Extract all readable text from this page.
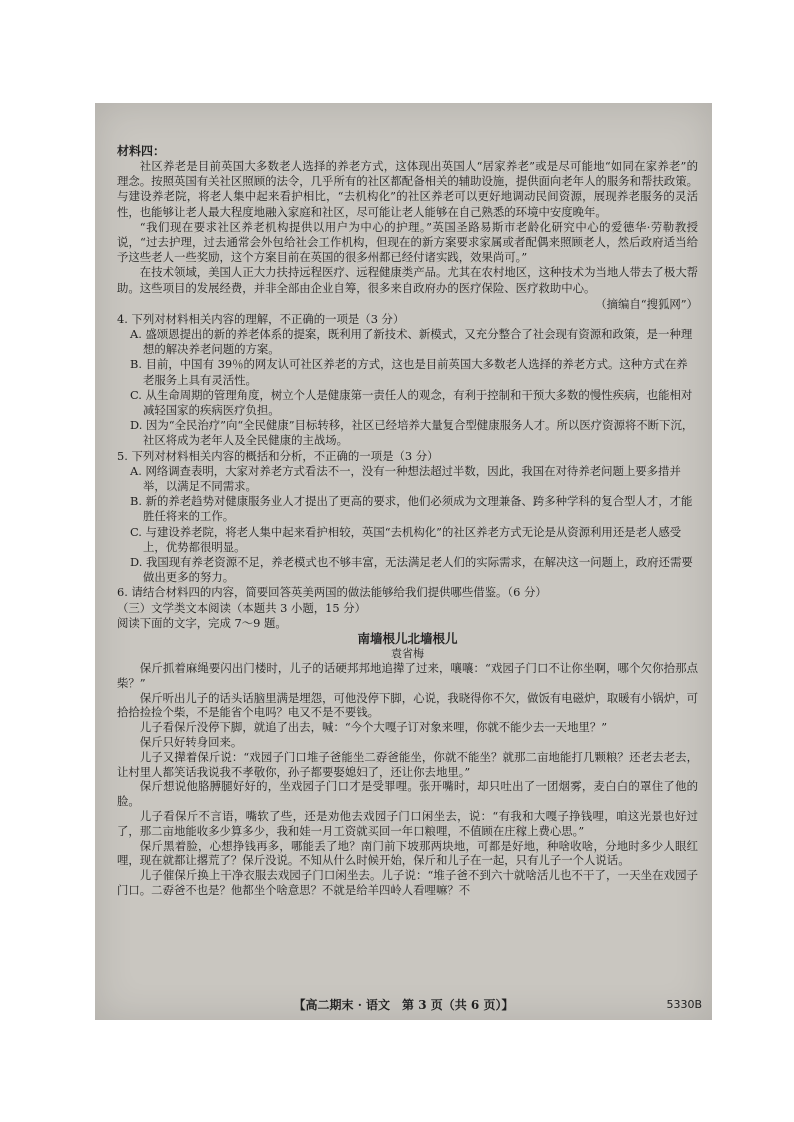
材料四：

社区养老是目前英国大多数老人选择的养老方式，这体现出英国人“居家养老”或是尽可能地“如同在家养老”的理念。按照英国有关社区照顾的法令，几乎所有的社区都配备相关的辅助设施，提供面向老年人的服务和帮扶政策。与建设养老院，将老人集中起来看护相比，“去机构化”的社区养老可以更好地调动民间资源，展现养老服务的灵活性，也能够让老人最大程度地融入家庭和社区，尽可能让老人能够在自己熟悉的环境中安度晚年。

“我们现在要求社区养老机构提供以用户为中心的护理。”英国圣路易斯市老龄化研究中心的爱德华·劳勒教授说，“过去护理，过去通常会外包给社会工作机构，但现在的新方案要求家属或者配偶来照顾老人，然后政府适当给予这些老人一些奖励，这个方案目前在英国的很多州都已经付诸实践，效果尚可。”

在技术领域，美国人正大力扶持远程医疗、远程健康类产品。尤其在农村地区，这种技术为当地人带去了极大帮助。这些项目的发展经费，并非全部由企业自筹，很多来自政府办的医疗保险、医疗救助中心。

（摘编自“搜狐网”）
4. 下列对材料相关内容的理解，不正确的一项是（3 分）
A. 盛颂恩提出的新的养老体系的提案，既利用了新技术、新模式，又充分整合了社会现有资源和政策，是一种理想的解决养老问题的方案。
B. 目前，中国有 39％的网友认可社区养老的方式，这也是目前英国大多数老人选择的养老方式。这种方式在养老服务上具有灵活性。
C. 从生命周期的管理角度，树立个人是健康第一责任人的观念，有利于控制和干预大多数的慢性疾病，也能相对减轻国家的疾病医疗负担。
D. 因为“全民治疗”向“全民健康”目标转移，社区已经培养大量复合型健康服务人才。所以医疗资源将不断下沉，社区将成为老年人及全民健康的主战场。
5. 下列对材料相关内容的概括和分析，不正确的一项是（3 分）
A. 网络调查表明，大家对养老方式看法不一，没有一种想法超过半数，因此，我国在对待养老问题上要多措并举，以满足不同需求。
B. 新的养老趋势对健康服务业人才提出了更高的要求，他们必须成为文理兼备、跨多种学科的复合型人才，才能胜任将来的工作。
C. 与建设养老院，将老人集中起来看护相较，英国“去机构化”的社区养老方式无论是从资源利用还是老人感受上，优势都很明显。
D. 我国现有养老资源不足，养老模式也不够丰富，无法满足老人们的实际需求，在解决这一问题上，政府还需要做出更多的努力。
6. 请结合材料四的内容，简要回答英美两国的做法能够给我们提供哪些借鉴。（6 分）
（三）文学类文本阅读（本题共 3 小题，15 分）
阅读下面的文字，完成 7～9 题。
南墙根儿北墙根儿
袁省梅

保斤抓着麻绳要闪出门楼时，儿子的话硬邦邦地追撵了过来，嚷嚷：“戏园子门口不让你坐啊，哪个欠你拾那点柴？”

保斤听出儿子的话头话脑里满是埋怨，可他没停下脚，心说，我晓得你不欠，做饭有电磁炉，取暖有小锅炉，可拾拾捡捡个柴，不是能省个电吗？电又不是不要钱。

儿子看保斤没停下脚，就追了出去，喊：“今个大嘎子订对象来哩，你就不能少去一天地里？”

保斤只好转身回来。

儿子又撵着保斤说：“戏园子门口堆子爸能坐二孬爸能坐，你就不能坐？就那二亩地能打几颗粮？还老去老去，让村里人都笑话我说我不孝敬你，孙子都要娶媳妇了，还让你去地里。”

保斤想说他胳膊腿好好的，坐戏园子门口才是受罪哩。张开嘴时，却只吐出了一团烟雾，麦白白的罩住了他的脸。

儿子看保斤不言语，嘴软了些，还是劝他去戏园子门口闲坐去，说：“有我和大嘎子挣钱哩，咱这光景也好过了，那二亩地能收多少算多少，我和娃一月工资就买回一年口粮哩，不值顾在庄稼上费心思。”

保斤黑着脸，心想挣钱再多，哪能丢了地？南门前下坡那两块地，可都是好地，种啥收啥，分地时多少人眼红哩，现在就都让撂荒了？保斤没说。不知从什么时候开始，保斤和儿子在一起，只有儿子一个人说话。

儿子催保斤换上干净衣服去戏园子门口闲坐去。儿子说：“堆子爸不到六十就啥活儿也不干了，一天坐在戏园子门口。二孬爸不也是？他都坐个啥意思？不就是给羊四岭人看哩嘛？不

【高二期末 · 语文　第 3 页（共 6 页）】	5330B
